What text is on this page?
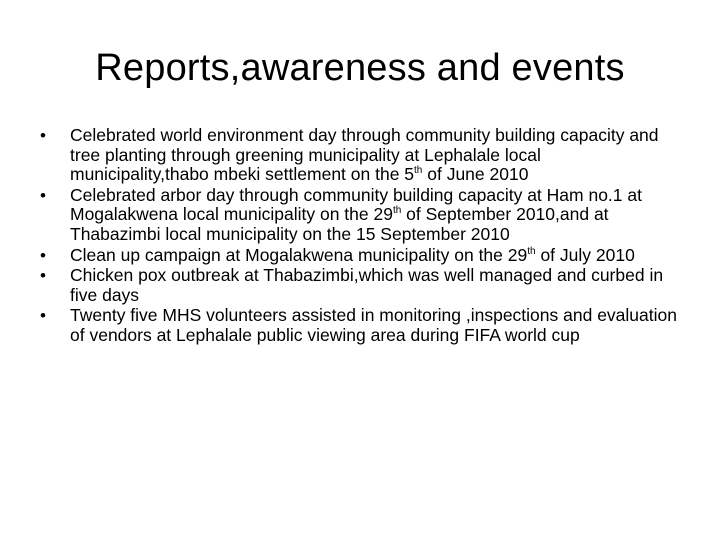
Reports,awareness and events
•	Celebrated world environment day through community building capacity and tree planting through greening municipality at Lephalale local municipality,thabo mbeki settlement on the 5th of June 2010
•	Celebrated arbor day through community building capacity at Ham no.1 at Mogalakwena local municipality on the 29th of September 2010,and at Thabazimbi local municipality on the 15 September 2010
•	Clean up campaign at Mogalakwena municipality on the 29th of July 2010
•	Chicken pox outbreak at Thabazimbi,which was well managed and curbed in five days
•	Twenty five MHS volunteers assisted in monitoring ,inspections and evaluation of vendors at Lephalale public viewing area during FIFA world cup
